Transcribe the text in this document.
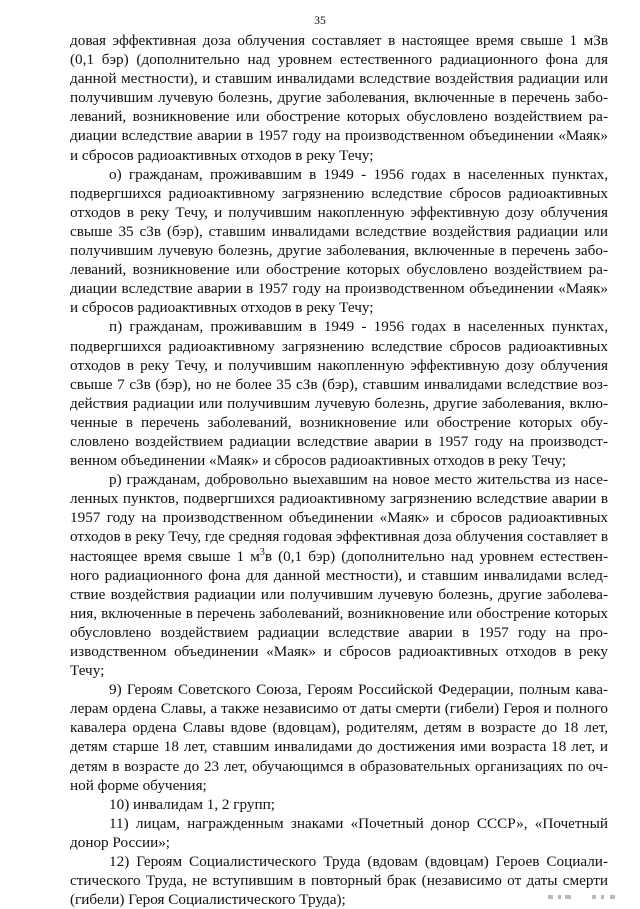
35

довая эффективная доза облучения составляет в настоящее время свыше 1 мЗв (0,1 бэр) (дополнительно над уровнем естественного радиационного фона для данной местности), и ставшим инвалидами вследствие воздействия радиации или получившим лучевую болезнь, другие заболевания, включенные в перечень заболеваний, возникновение или обострение которых обусловлено воздействием радиации вследствие аварии в 1957 году на производственном объединении «Маяк» и сбросов радиоактивных отходов в реку Течу;

о) гражданам, проживавшим в 1949 - 1956 годах в населенных пунктах, подвергшихся радиоактивному загрязнению вследствие сбросов радиоактивных отходов в реку Течу, и получившим накопленную эффективную дозу облучения свыше 35 сЗв (бэр), ставшим инвалидами вследствие воздействия радиации или получившим лучевую болезнь, другие заболевания, включенные в перечень заболеваний, возникновение или обострение которых обусловлено воздействием радиации вследствие аварии в 1957 году на производственном объединении «Маяк» и сбросов радиоактивных отходов в реку Течу;

п) гражданам, проживавшим в 1949 - 1956 годах в населенных пунктах, подвергшихся радиоактивному загрязнению вследствие сбросов радиоактивных отходов в реку Течу, и получившим накопленную эффективную дозу облучения свыше 7 сЗв (бэр), но не более 35 сЗв (бэр), ставшим инвалидами вследствие воздействия радиации или получившим лучевую болезнь, другие заболевания, включенные в перечень заболеваний, возникновение или обострение которых обусловлено воздействием радиации вследствие аварии в 1957 году на производственном объединении «Маяк» и сбросов радиоактивных отходов в реку Течу;

р) гражданам, добровольно выехавшим на новое место жительства из населенных пунктов, подвергшихся радиоактивному загрязнению вследствие аварии в 1957 году на производственном объединении «Маяк» и сбросов радиоактивных отходов в реку Течу, где средняя годовая эффективная доза облучения составляет в настоящее время свыше 1 $м^3в$ (0,1 бэр) (дополнительно над уровнем естественного радиационного фона для данной местности), и ставшим инвалидами вследствие воздействия радиации или получившим лучевую болезнь, другие заболевания, включенные в перечень заболеваний, возникновение или обострение которых обусловлено воздействием радиации вследствие аварии в 1957 году на производственном объединении «Маяк» и сбросов радиоактивных отходов в реку Течу;

9) Героям Советского Союза, Героям Российской Федерации, полным кавалерам ордена Славы, а также независимо от даты смерти (гибели) Героя и полного кавалера ордена Славы вдове (вдовцам), родителям, детям в возрасте до 18 лет, детям старше 18 лет, ставшим инвалидами до достижения ими возраста 18 лет, и детям в возрасте до 23 лет, обучающимся в образовательных организациях по очной форме обучения;

10) инвалидам 1, 2 групп;

11) лицам, награжденным знаками «Почетный донор СССР», «Почетный донор России»;

12) Героям Социалистического Труда (вдовам (вдовцам) Героев Социалистического Труда, не вступившим в повторный брак (независимо от даты смерти (гибели) Героя Социалистического Труда);
